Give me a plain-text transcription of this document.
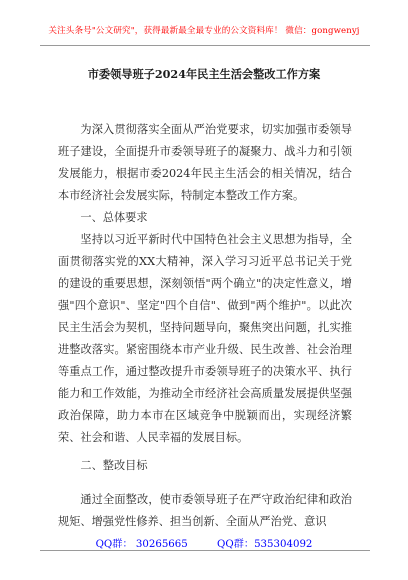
关注头条号"公文研究"，获得最新最全最专业的公文资料库！ 微信：gongwenyj
市委领导班子2024年民主生活会整改工作方案

为深入贯彻落实全面从严治党要求，切实加强市委领导班子建设，全面提升市委领导班子的凝聚力、战斗力和引领发展能力，根据市委2024年民主生活会的相关情况，结合本市经济社会发展实际，特制定本整改工作方案。

一、总体要求

坚持以习近平新时代中国特色社会主义思想为指导，全面贯彻落实党的XX大精神，深入学习习近平总书记关于党的建设的重要思想，深刻领悟"两个确立"的决定性意义，增强"四个意识"、坚定"四个自信"、做到"两个维护"。以此次民主生活会为契机，坚持问题导向，聚焦突出问题，扎实推进整改落实。紧密围绕本市产业升级、民生改善、社会治理等重点工作，通过整改提升市委领导班子的决策水平、执行能力和工作效能，为推动全市经济社会高质量发展提供坚强政治保障，助力本市在区域竞争中脱颖而出，实现经济繁荣、社会和谐、人民幸福的发展目标。

二、整改目标

通过全面整改，使市委领导班子在严守政治纪律和政治规矩、增强党性修养、担当创新、全面从严治党、意识

QQ群： 30265665	QQ群：535304092
